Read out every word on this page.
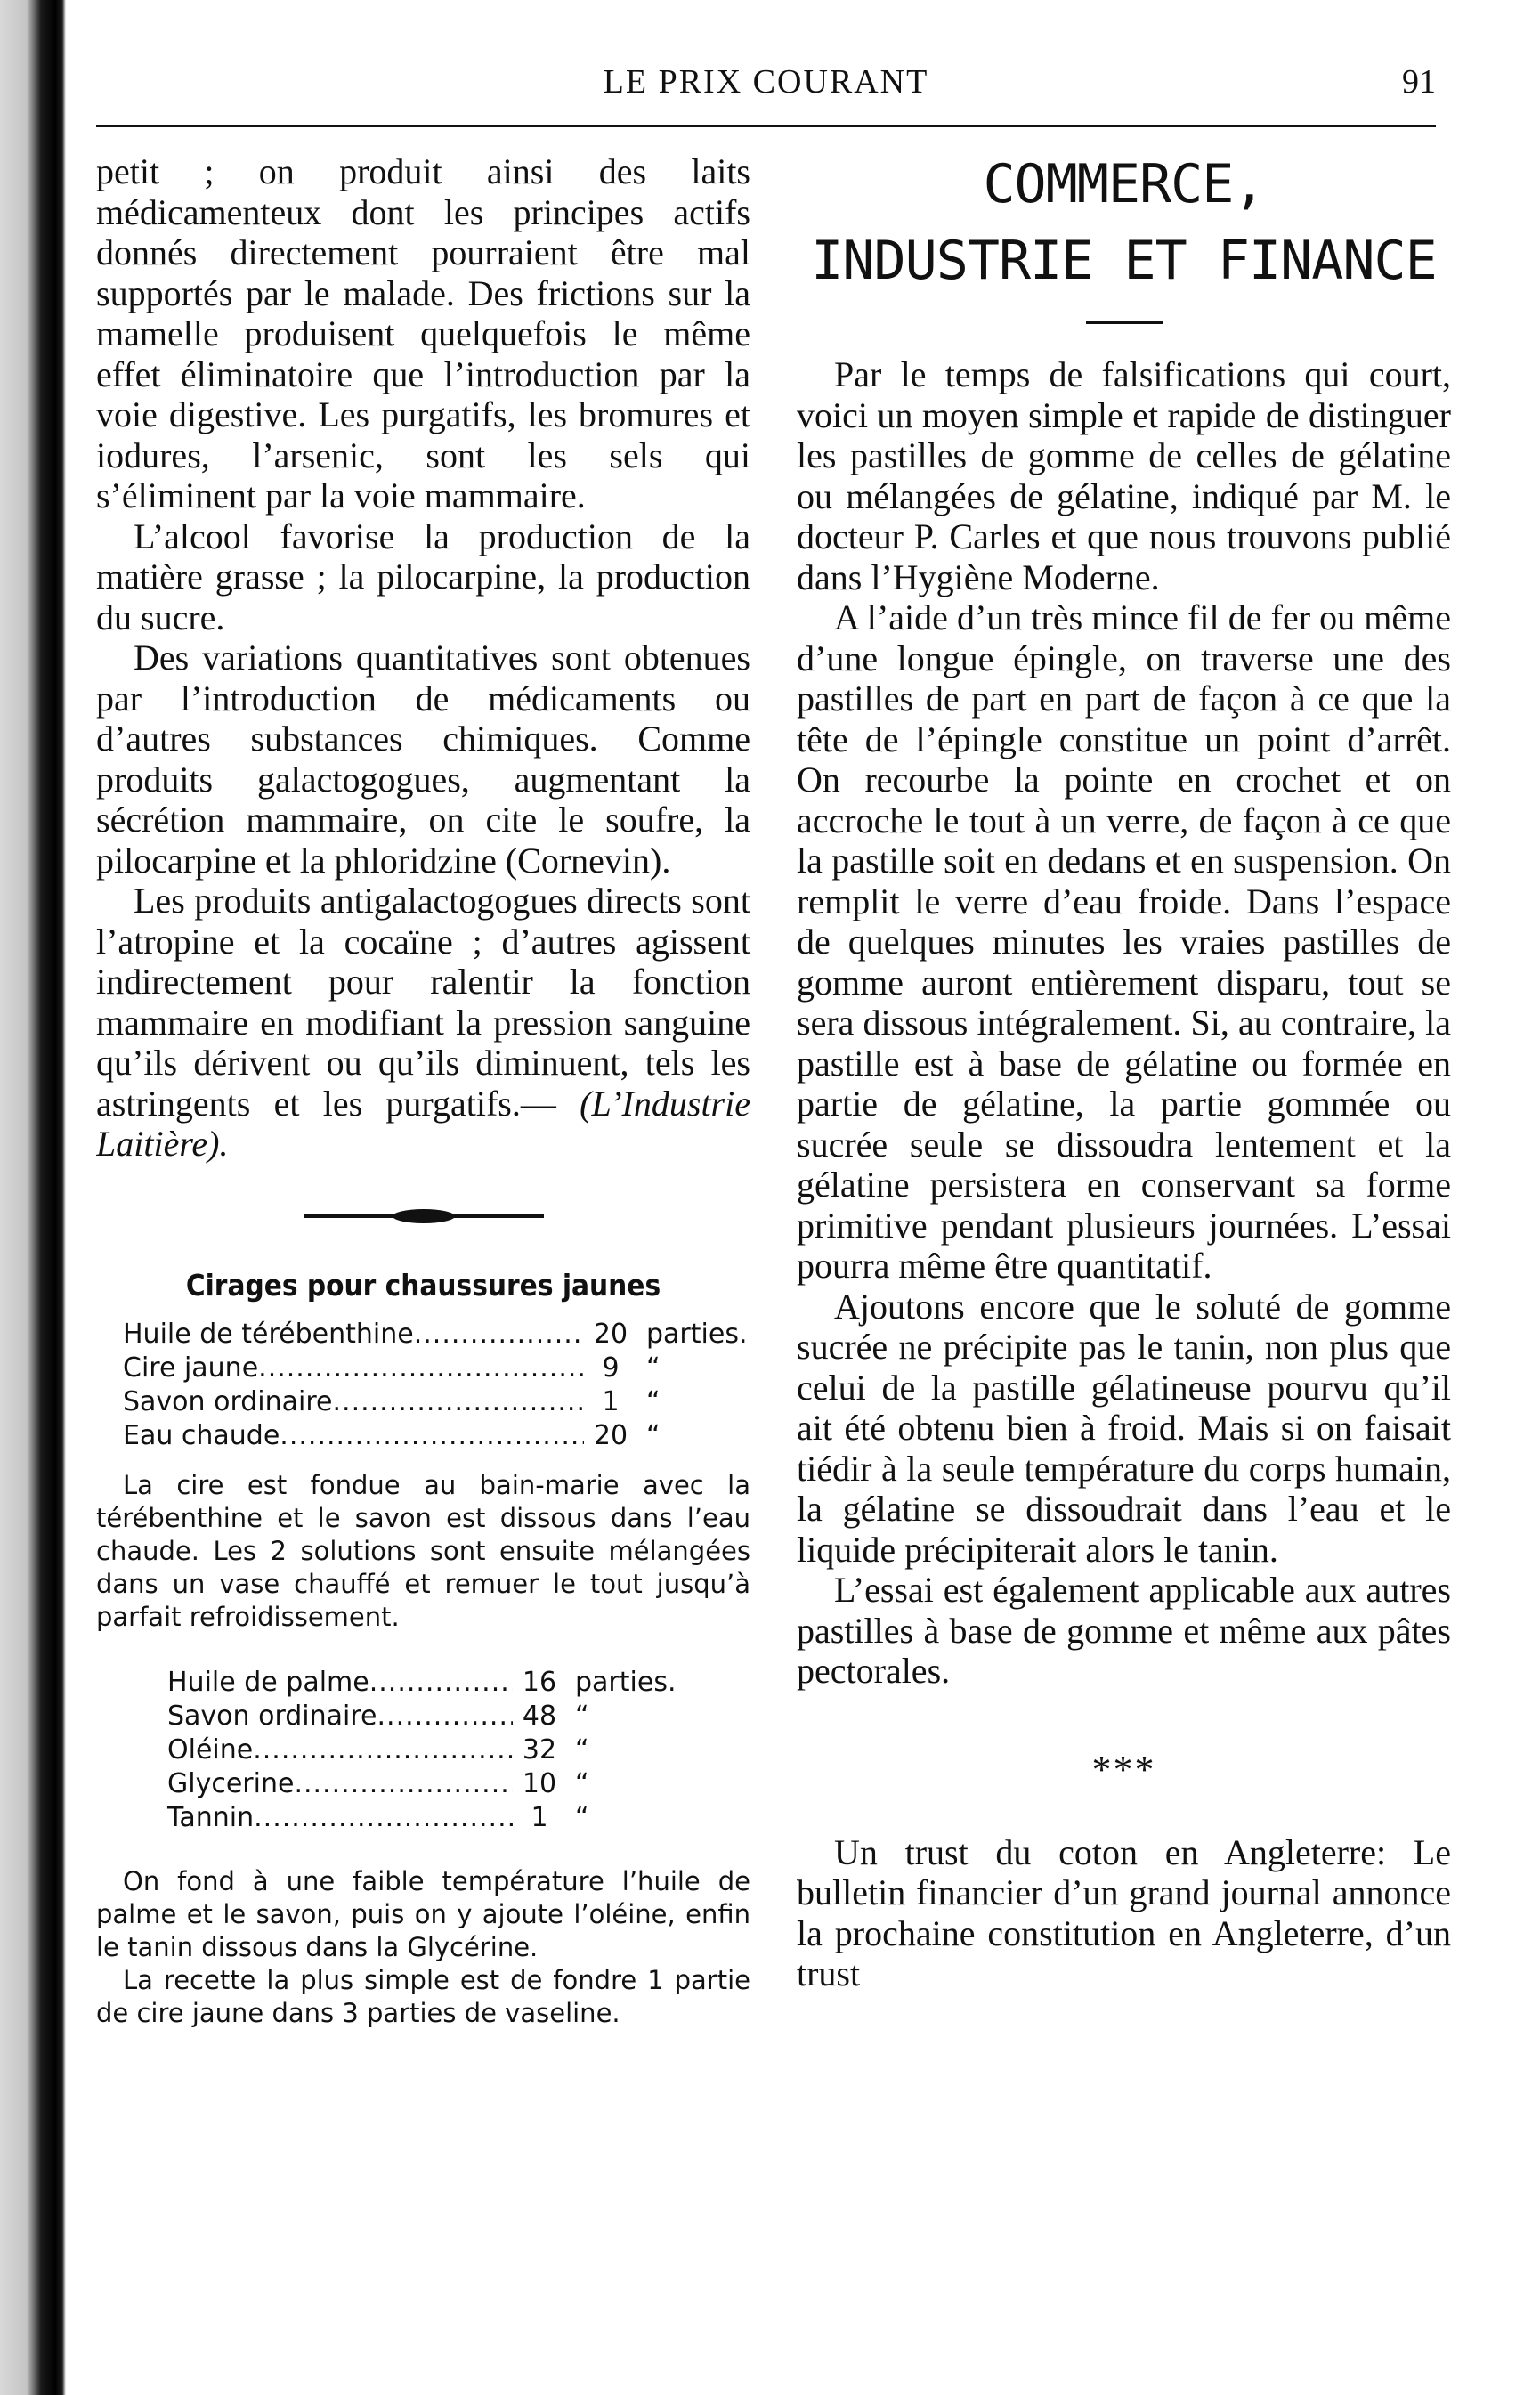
LE PRIX COURANT	91

petit ; on produit ainsi des laits médicamenteux dont les principes actifs donnés directement pourraient être mal supportés par le malade. Des frictions sur la mamelle produisent quelquefois le même effet éliminatoire que l’introduction par la voie digestive. Les purgatifs, les bromures et iodures, l’arsenic, sont les sels qui s’éliminent par la voie mammaire.

L’alcool favorise la production de la matière grasse ; la pilocarpine, la production du sucre.

Des variations quantitatives sont obtenues par l’introduction de médicaments ou d’autres substances chimiques. Comme produits galactogogues, augmentant la sécrétion mammaire, on cite le soufre, la pilocarpine et la phloridzine (Cornevin).

Les produits antigalactogogues directs sont l’atropine et la cocaïne ; d’autres agissent indirectement pour ralentir la fonction mammaire en modifiant la pression sanguine qu’ils dérivent ou qu’ils diminuent, tels les astringents et les purgatifs.— (L’Industrie Laitière).

Cirages pour chaussures jaunes
Huile de térébenthine .....	20 parties.
Cire jaune .....	9	“
Savon ordinaire .....	1	“
Eau chaude .....	20 “
La cire est fondue au bain-marie avec la térébenthine et le savon est dissous dans l’eau chaude. Les 2 solutions sont ensuite mélangées dans un vase chauffé et remuer le tout jusqu’à parfait refroidissement.
Huile de palme .....	16 parties.
Savon ordinaire .....	48 “
Oléine .....	32 “
Glycerine .....	10 “
Tannin .....	1	“
On fond à une faible température l’huile de palme et le savon, puis on y ajoute l’oléine, enfin le tanin dissous dans la Glycérine.
La recette la plus simple est de fondre 1 partie de cire jaune dans 3 parties de vaseline.
COMMERCE,
INDUSTRIE ET FINANCE

Par le temps de falsifications qui court, voici un moyen simple et rapide de distinguer les pastilles de gomme de celles de gélatine ou mélangées de gélatine, indiqué par M. le docteur P. Carles et que nous trouvons publié dans l’Hygiène Moderne.

A l’aide d’un très mince fil de fer ou même d’une longue épingle, on traverse une des pastilles de part en part de façon à ce que la tête de l’épingle constitue un point d’arrêt. On recourbe la pointe en crochet et on accroche le tout à un verre, de façon à ce que la pastille soit en dedans et en suspension. On remplit le verre d’eau froide. Dans l’espace de quelques minutes les vraies pastilles de gomme auront entièrement disparu, tout se sera dissous intégralement. Si, au contraire, la pastille est à base de gélatine ou formée en partie de gélatine, la partie gommée ou sucrée seule se dissoudra lentement et la gélatine persistera en conservant sa forme primitive pendant plusieurs journées. L’essai pourra même être quantitatif.

Ajoutons encore que le soluté de gomme sucrée ne précipite pas le tanin, non plus que celui de la pastille gélatineuse pourvu qu’il ait été obtenu bien à froid. Mais si on faisait tiédir à la seule température du corps humain, la gélatine se dissoudrait dans l’eau et le liquide précipiterait alors le tanin.

L’essai est également applicable aux autres pastilles à base de gomme et même aux pâtes pectorales.

***

Un trust du coton en Angleterre: Le bulletin financier d’un grand journal annonce la prochaine constitution en Angleterre, d’un trust
